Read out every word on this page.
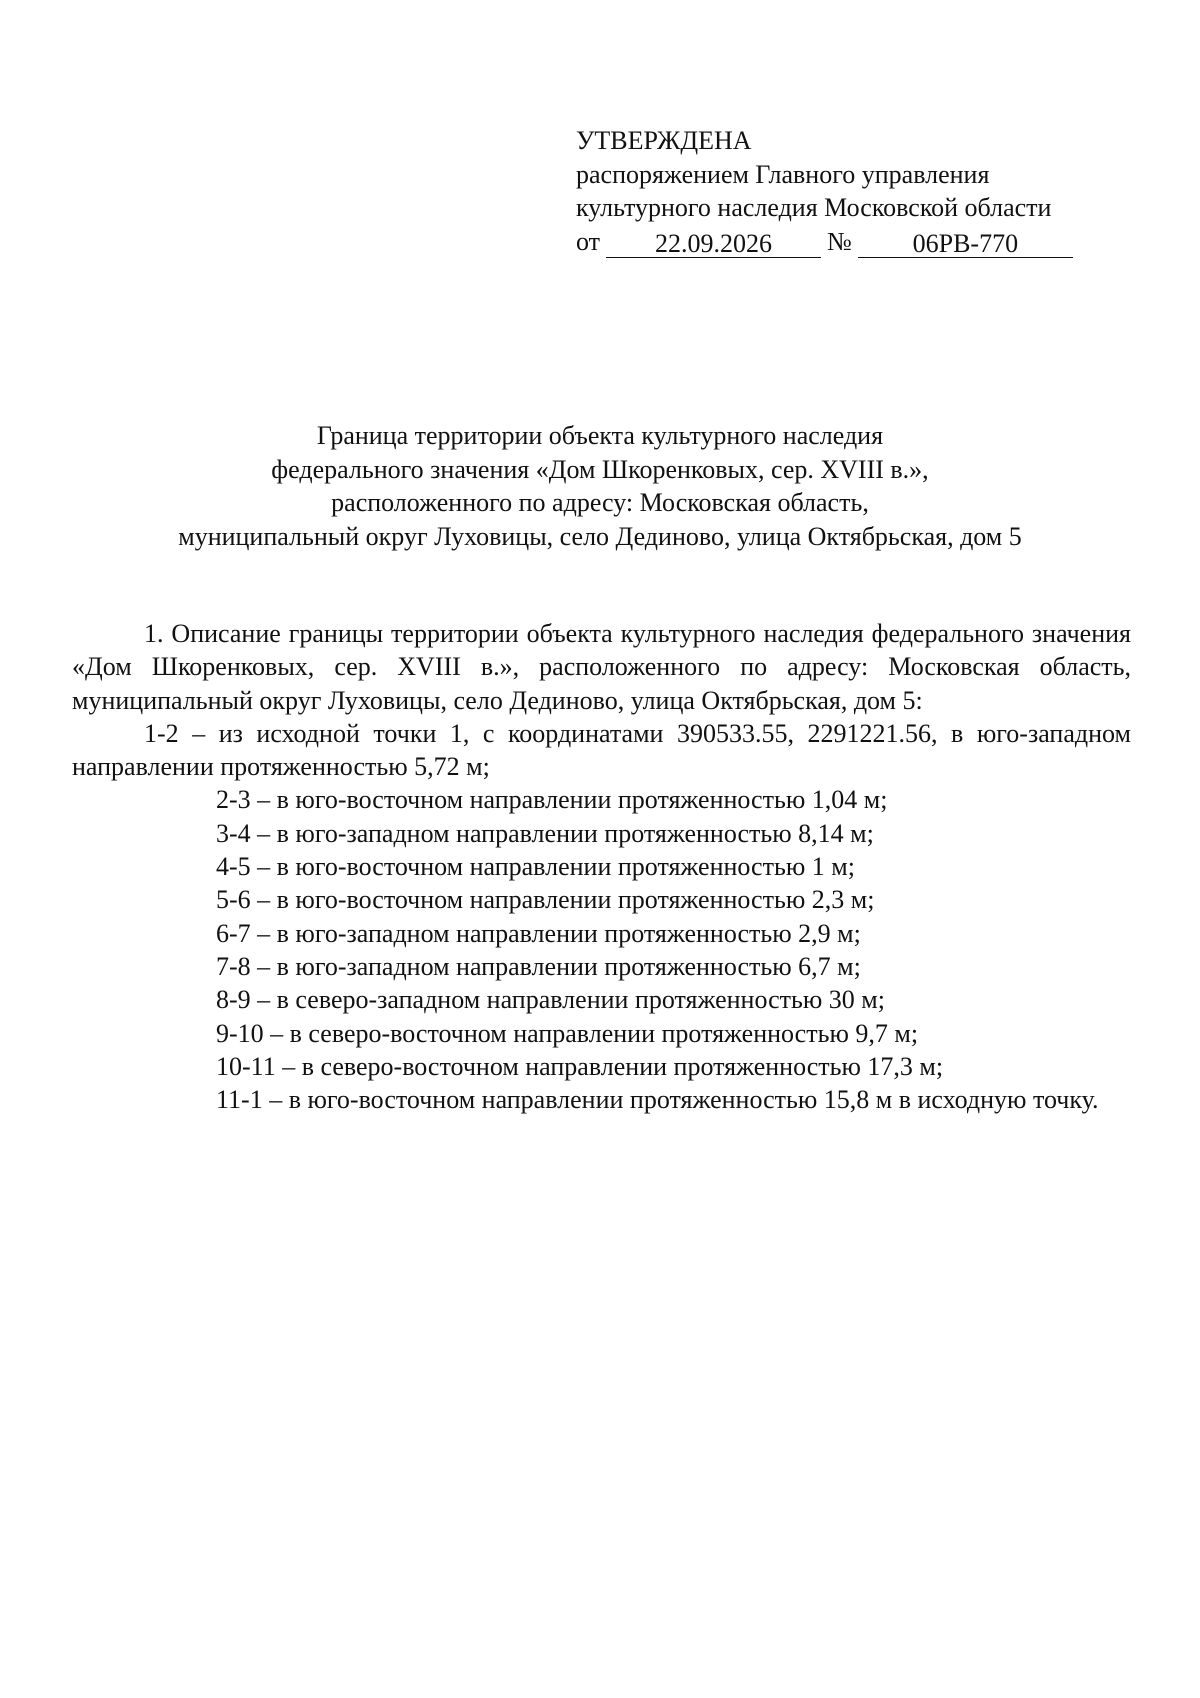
УТВЕРЖДЕНА
распоряжением Главного управления
культурного наследия Московской области
от	22.09.2026	№	06РВ-770
Граница территории объекта культурного наследия
федерального значения «Дом Шкоренковых, сер. XVIII в.»,
расположенного по адресу: Московская область,
муниципальный округ Луховицы, село Дединово, улица Октябрьская, дом 5

1. Описание границы территории объекта культурного наследия федерального значения «Дом Шкоренковых, сер. XVIII в.», расположенного по адресу: Московская область, муниципальный округ Луховицы, село Дединово, улица Октябрьская, дом 5:

1-2 – из исходной точки 1, с координатами 390533.55, 2291221.56, в юго-западном направлении протяженностью 5,72 м;

2-3 – в юго-восточном направлении протяженностью 1,04 м;

3-4 – в юго-западном направлении протяженностью 8,14 м;

4-5 – в юго-восточном направлении протяженностью 1 м;

5-6 – в юго-восточном направлении протяженностью 2,3 м;

6-7 – в юго-западном направлении протяженностью 2,9 м;

7-8 – в юго-западном направлении протяженностью 6,7 м;

8-9 – в северо-западном направлении протяженностью 30 м;

9-10 – в северо-восточном направлении протяженностью 9,7 м;

10-11 – в северо-восточном направлении протяженностью 17,3 м;

11-1 – в юго-восточном направлении протяженностью 15,8 м в исходную точку.
